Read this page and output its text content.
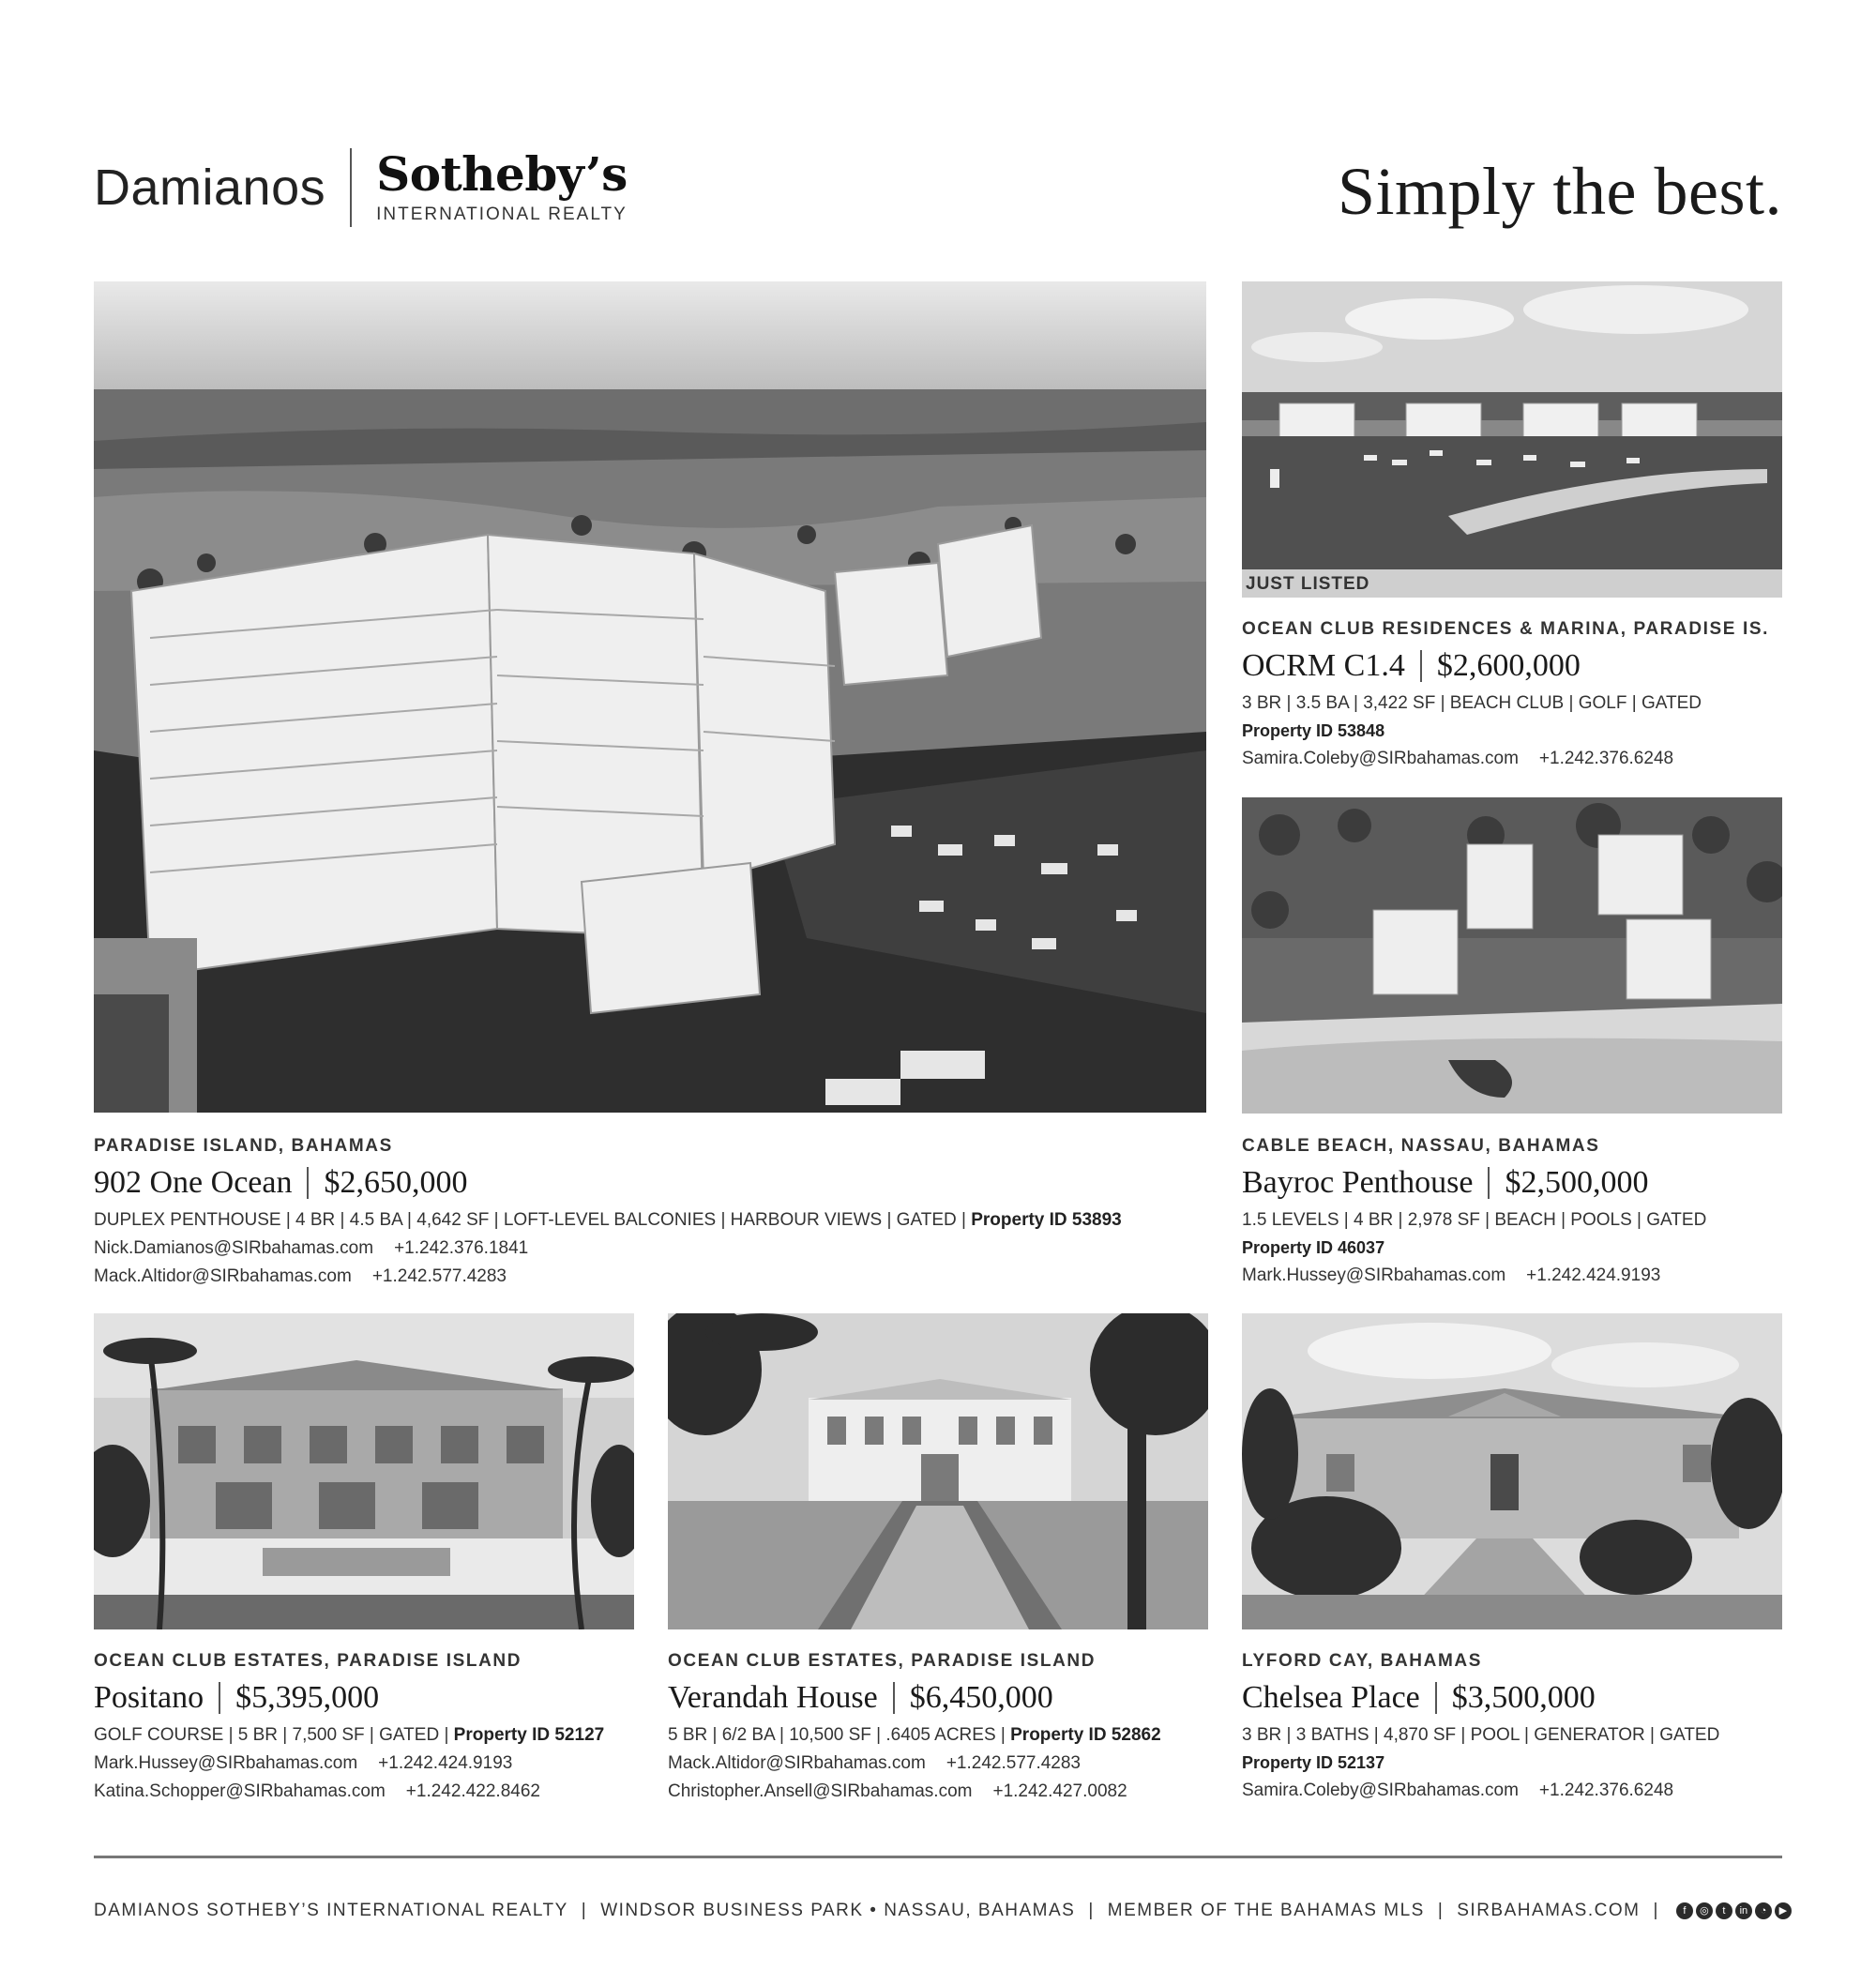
Damianos Sotheby’s
INTERNATIONAL REALTY	Simply the best.
JUST LISTED
PARADISE ISLAND, BAHAMAS
902 One Ocean $2,650,000
DUPLEX PENTHOUSE | 4 BR | 4.5 BA | 4,642 SF | LOFT-LEVEL BALCONIES | HARBOUR VIEWS | GATED | Property ID 53893
Nick.Damianos@SIRbahamas.com +1.242.376.1841
Mack.Altidor@SIRbahamas.com +1.242.577.4283
OCEAN CLUB RESIDENCES & MARINA, PARADISE IS.
OCRM C1.4 $2,600,000
3 BR | 3.5 BA | 3,422 SF | BEACH CLUB | GOLF | GATED
Property ID 53848
Samira.Coleby@SIRbahamas.com +1.242.376.6248
CABLE BEACH, NASSAU, BAHAMAS
Bayroc Penthouse $2,500,000
1.5 LEVELS | 4 BR | 2,978 SF | BEACH | POOLS | GATED
Property ID 46037
Mark.Hussey@SIRbahamas.com +1.242.424.9193
OCEAN CLUB ESTATES, PARADISE ISLAND
Positano $5,395,000
GOLF COURSE | 5 BR | 7,500 SF | GATED | Property ID 52127
Mark.Hussey@SIRbahamas.com +1.242.424.9193
Katina.Schopper@SIRbahamas.com +1.242.422.8462
OCEAN CLUB ESTATES, PARADISE ISLAND
Verandah House $6,450,000
5 BR | 6/2 BA | 10,500 SF | .6405 ACRES | Property ID 52862
Mack.Altidor@SIRbahamas.com +1.242.577.4283
Christopher.Ansell@SIRbahamas.com +1.242.427.0082
LYFORD CAY, BAHAMAS
Chelsea Place $3,500,000
3 BR | 3 BATHS | 4,870 SF | POOL | GENERATOR | GATED
Property ID 52137
Samira.Coleby@SIRbahamas.com +1.242.376.6248
DAMIANOS SOTHEBY’S INTERNATIONAL REALTY | WINDSOR BUSINESS PARK • NASSAU, BAHAMAS | MEMBER OF THE BAHAMAS MLS | SIRBAHAMAS.COM |	f	◎	t	in	◔	▶
